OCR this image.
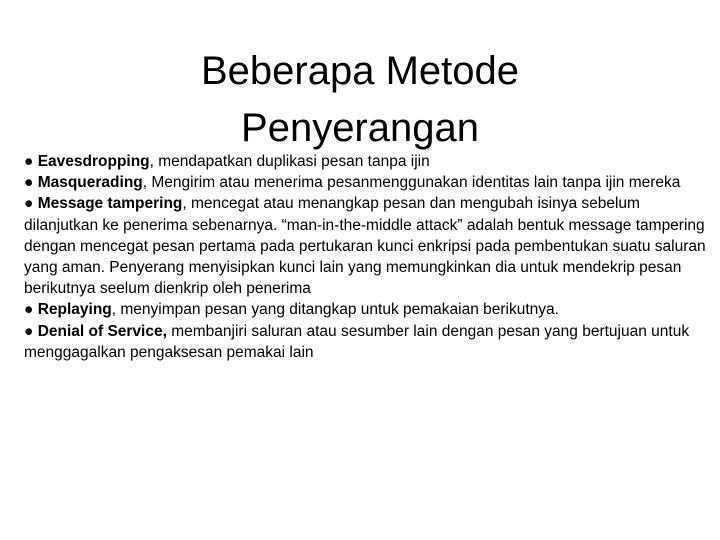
Beberapa Metode
Penyerangan

● Eavesdropping, mendapatkan duplikasi pesan tanpa ijin

● Masquerading, Mengirim atau menerima pesanmenggunakan identitas lain tanpa ijin mereka

● Message tampering, mencegat atau menangkap pesan dan mengubah isinya sebelum dilanjutkan ke penerima sebenarnya. “man-in-the-middle attack” adalah bentuk message tampering dengan mencegat pesan pertama pada pertukaran kunci enkripsi pada pembentukan suatu saluran yang aman. Penyerang menyisipkan kunci lain yang memungkinkan dia untuk mendekrip pesan berikutnya seelum dienkrip oleh penerima

● Replaying, menyimpan pesan yang ditangkap untuk pemakaian berikutnya.

● Denial of Service, membanjiri saluran atau sesumber lain dengan pesan yang bertujuan untuk menggagalkan pengaksesan pemakai lain
